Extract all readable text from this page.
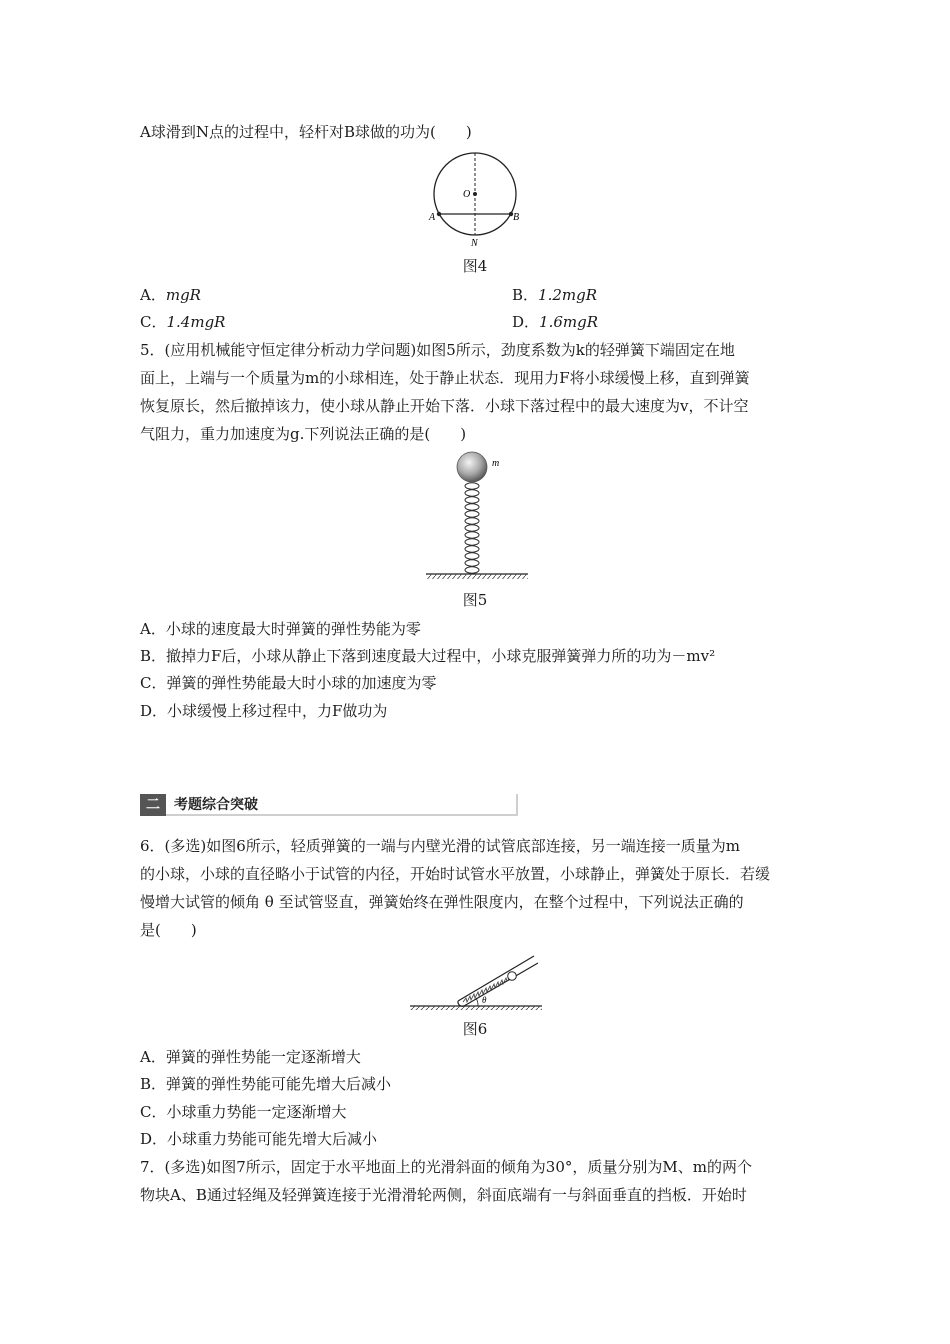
A球滑到N点的过程中，轻杆对B球做的功为(　　)
O
A	B
N
图4
A．mgR	B．1.2mgR
C．1.4mgR	D．1.6mgR
5．(应用机械能守恒定律分析动力学问题)如图5所示，劲度系数为k的轻弹簧下端固定在地
面上，上端与一个质量为m的小球相连，处于静止状态．现用力F将小球缓慢上移，直到弹簧
恢复原长，然后撤掉该力，使小球从静止开始下落．小球下落过程中的最大速度为v，不计空
气阻力，重力加速度为g.下列说法正确的是(　　)
m
图5
A．小球的速度最大时弹簧的弹性势能为零
B．撤掉力F后，小球从静止下落到速度最大过程中，小球克服弹簧弹力所的功为－mv²
C．弹簧的弹性势能最大时小球的加速度为零
D．小球缓慢上移过程中，力F做功为
二	考题综合突破
6．(多选)如图6所示，轻质弹簧的一端与内壁光滑的试管底部连接，另一端连接一质量为m
的小球，小球的直径略小于试管的内径，开始时试管水平放置，小球静止，弹簧处于原长．若缓
慢增大试管的倾角 θ 至试管竖直，弹簧始终在弹性限度内，在整个过程中，下列说法正确的
是(　　)
θ
图6
A．弹簧的弹性势能一定逐渐增大
B．弹簧的弹性势能可能先增大后减小
C．小球重力势能一定逐渐增大
D．小球重力势能可能先增大后减小
7．(多选)如图7所示，固定于水平地面上的光滑斜面的倾角为30°，质量分别为M、m的两个
物块A、B通过轻绳及轻弹簧连接于光滑滑轮两侧，斜面底端有一与斜面垂直的挡板．开始时
